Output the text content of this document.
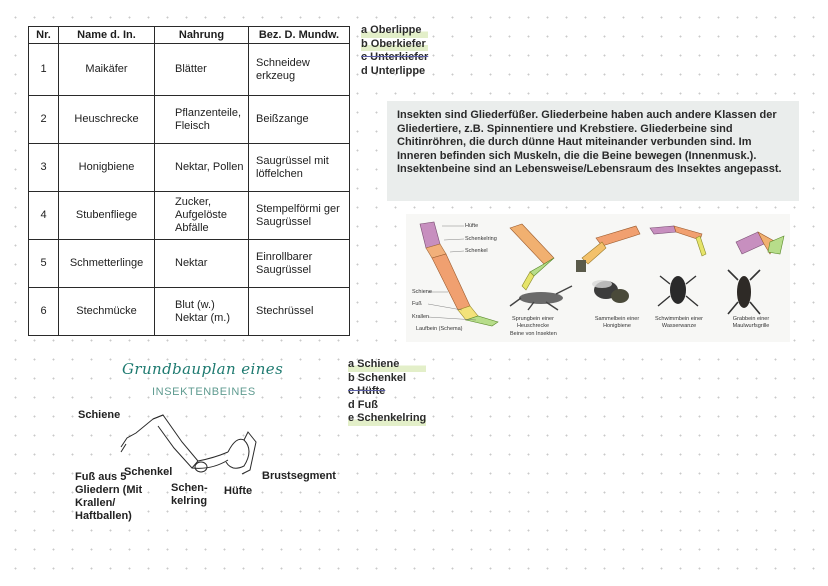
Nr.	Name d. In.	Nahrung	Bez. D. Mundw.
1	Maikäfer	Blätter	Schneidew erkzeug
2	Heuschrecke	Pflanzenteile, Fleisch	Beißzange
3	Honigbiene	Nektar, Pollen	Saugrüssel mit löffelchen
4	Stubenfliege	Zucker, Aufgelöste Abfälle	Stempelförmi ger Saugrüssel
5	Schmetterlinge	Nektar	Einrollbarer Saugrüssel
6	Stechmücke	Blut (w.) Nektar (m.)	Stechrüssel
a Oberlippe
b Oberkiefer
c Unterkiefer
d Unterlippe
Insekten sind Gliederfüßer. Gliederbeine haben auch andere Klassen der Gliedertiere, z.B. Spinnentiere und Krebstiere. Gliederbeine sind Chitinröhren, die durch dünne Haut miteinander verbunden sind. Im Inneren befinden sich Muskeln, die die Beine bewegen (Innenmusk.). Insektenbeine sind an Lebensweise/Lebensraum des Insektes angepasst.
Hüfte
Schenkelring
Schenkel
Schiene
Fuß
Krallen	Sprungbein einer Heuschrecke
Sammelbein einer Honigbiene
Schwimmbein einer Wasserwanze
Grabbein einer Maulwurfsgrille
Laufbein (Schema)
Beine von Insekten
Grundbauplan eines
INSEKTENBEINES
Schiene
Schenkel
Schen- kelring
Hüfte
Brustsegment
Fuß aus 5 Gliedern (Mit Krallen/ Haftballen)
a Schiene
b Schenkel
c Hüfte
d Fuß
e Schenkelring
